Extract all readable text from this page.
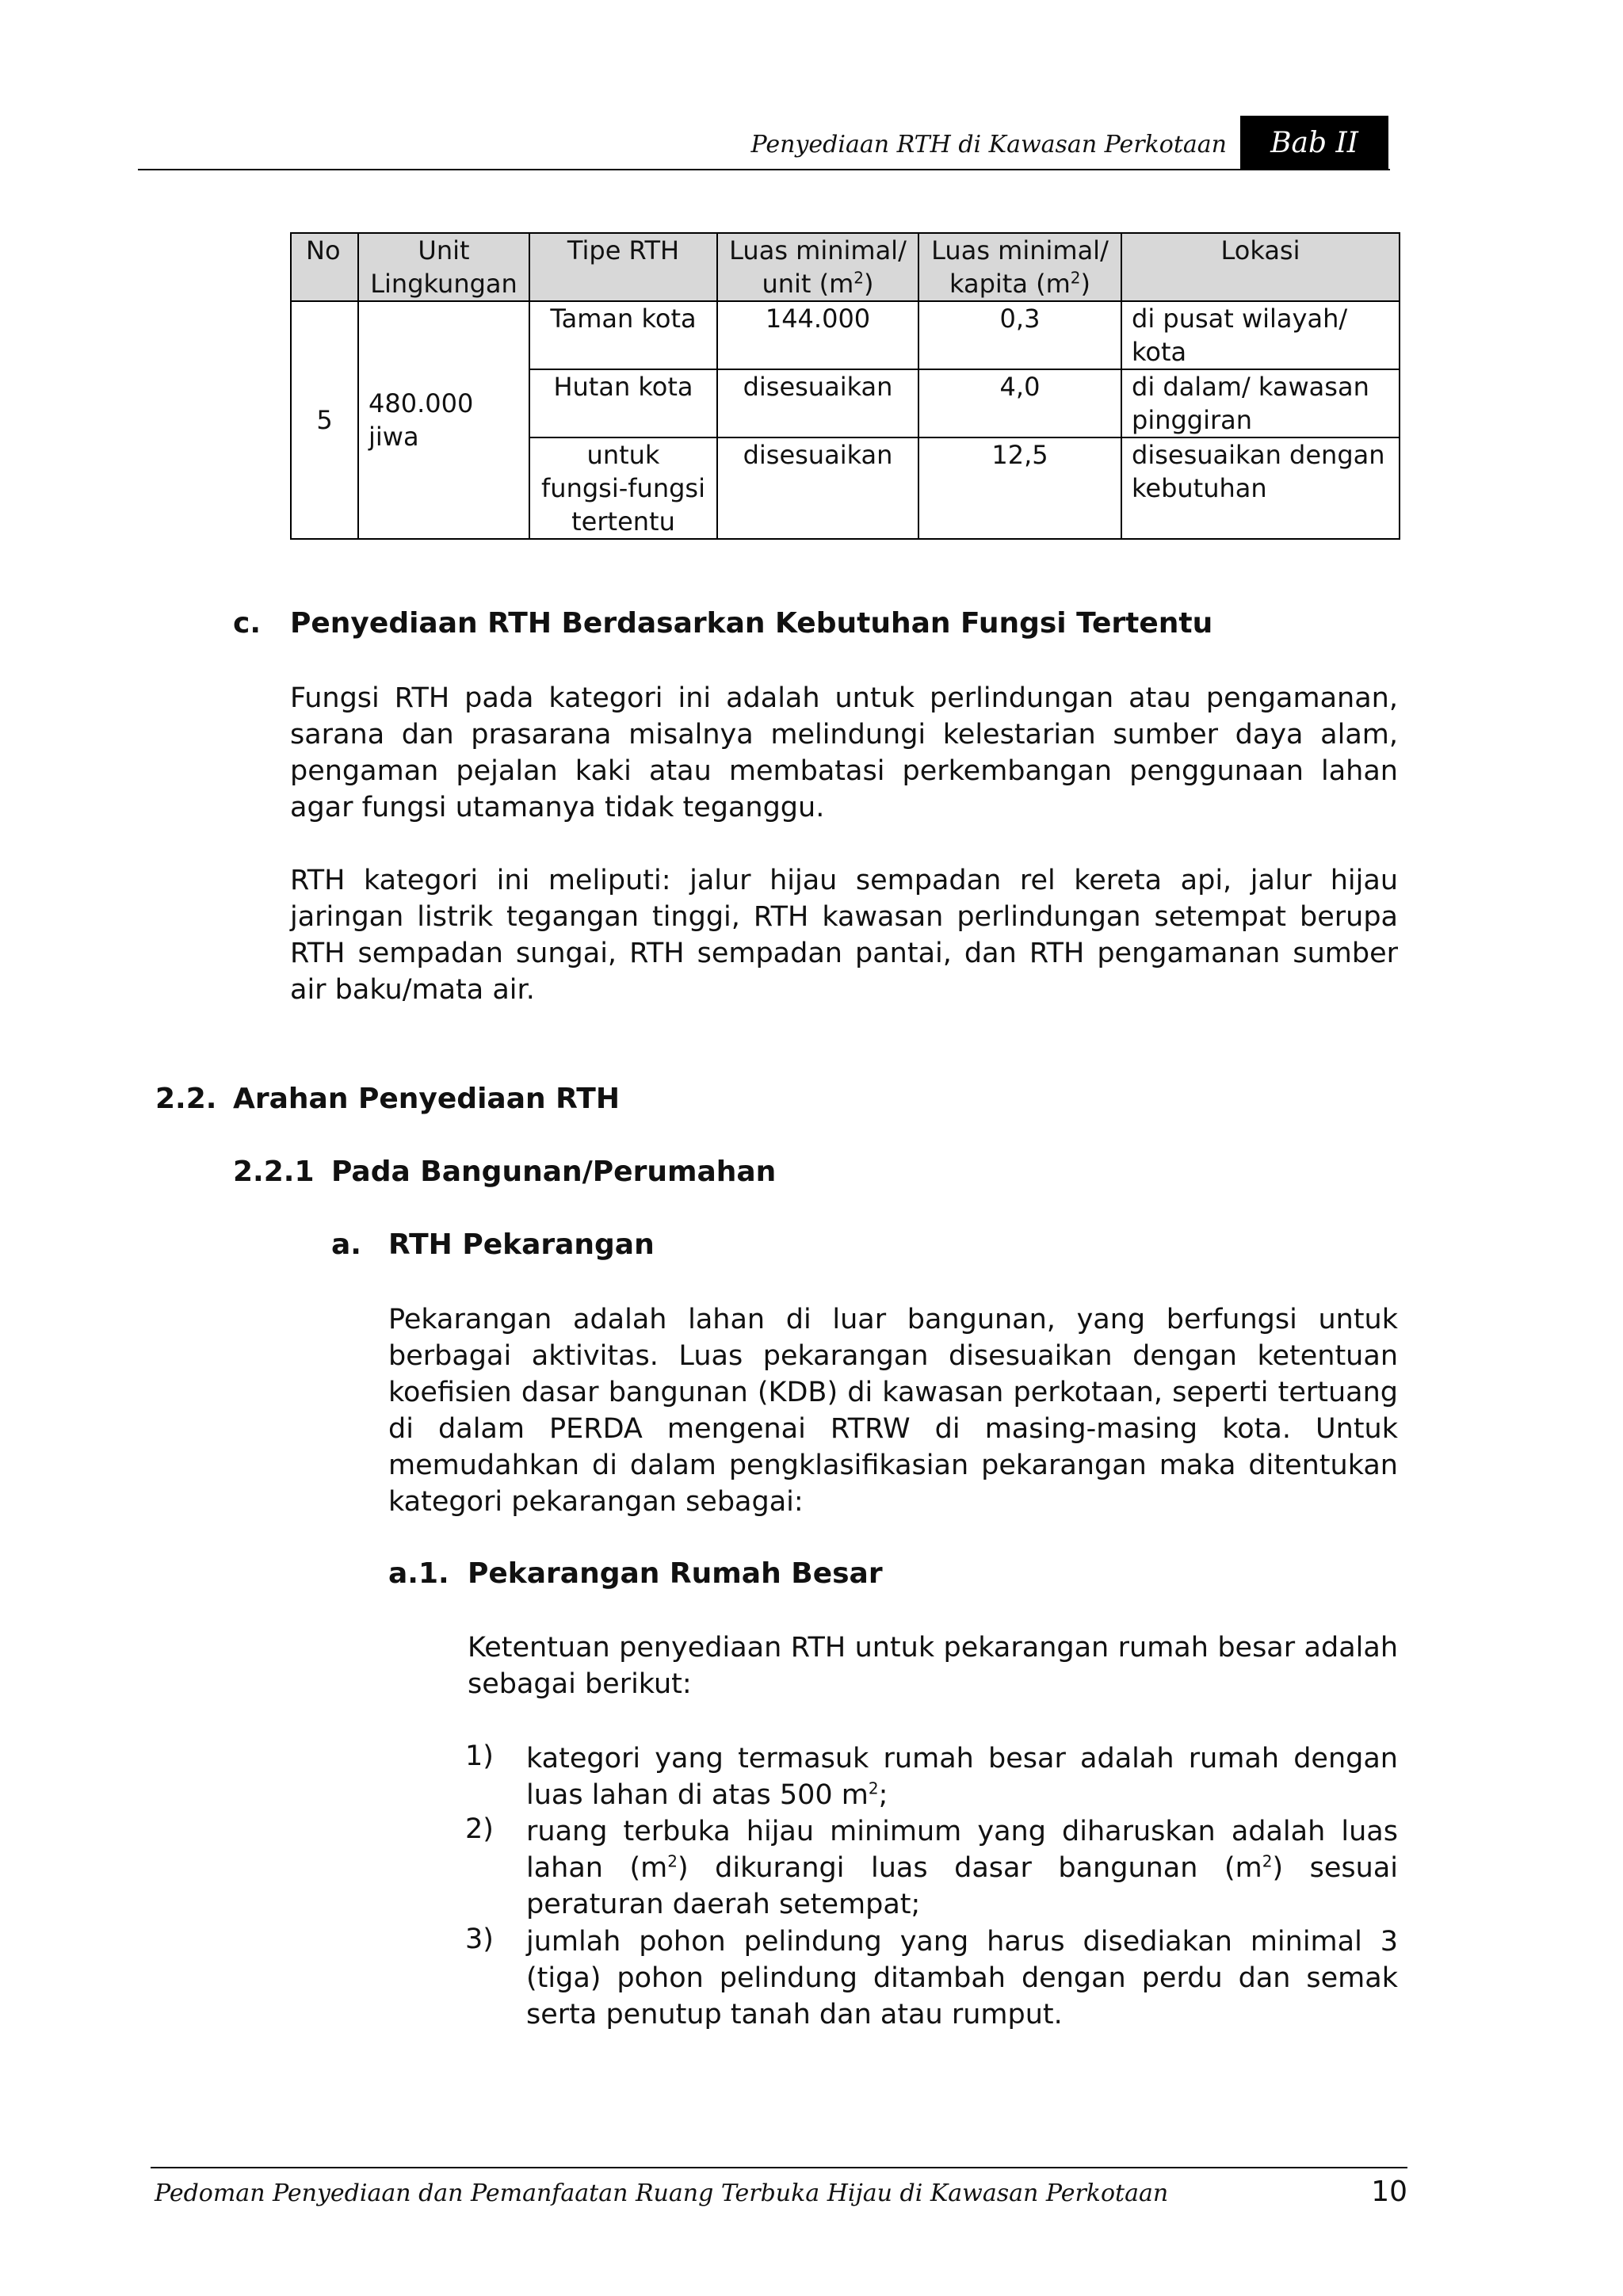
Penyediaan RTH di Kawasan Perkotaan	Bab II
No	Unit Lingkungan	Tipe RTH	Luas minimal/ unit $(m^2)$	Luas minimal/ kapita $(m^2)$	Lokasi
5	480.000 jiwa	Taman kota	144.000	0,3	di pusat wilayah/ kota
		Hutan kota	disesuaikan	4,0	di dalam/ kawasan pinggiran
		untuk fungsi-fungsi tertentu	disesuaikan	12,5	disesuaikan dengan kebutuhan
c. Penyediaan RTH Berdasarkan Kebutuhan Fungsi Tertentu

Fungsi RTH pada kategori ini adalah untuk perlindungan atau pengamanan, sarana dan prasarana misalnya melindungi kelestarian sumber daya alam, pengaman pejalan kaki atau membatasi perkembangan penggunaan lahan agar fungsi utamanya tidak teganggu.

RTH kategori ini meliputi: jalur hijau sempadan rel kereta api, jalur hijau jaringan listrik tegangan tinggi, RTH kawasan perlindungan setempat berupa RTH sempadan sungai, RTH sempadan pantai, dan RTH pengamanan sumber air baku/mata air.

2.2. Arahan Penyediaan RTH
2.2.1 Pada Bangunan/Perumahan
a. RTH Pekarangan

Pekarangan adalah lahan di luar bangunan, yang berfungsi untuk berbagai aktivitas. Luas pekarangan disesuaikan dengan ketentuan koefisien dasar bangunan (KDB) di kawasan perkotaan, seperti tertuang di dalam PERDA mengenai RTRW di masing-masing kota. Untuk memudahkan di dalam pengklasifikasian pekarangan maka ditentukan kategori pekarangan sebagai:

a.1. Pekarangan Rumah Besar

Ketentuan penyediaan RTH untuk pekarangan rumah besar adalah sebagai berikut:

1) kategori yang termasuk rumah besar adalah rumah dengan luas lahan di atas 500 $m^2$;

2) ruang terbuka hijau minimum yang diharuskan adalah luas lahan $(m^2)$ dikurangi luas dasar bangunan $(m^2)$ sesuai peraturan daerah setempat;

3) jumlah pohon pelindung yang harus disediakan minimal 3 (tiga) pohon pelindung ditambah dengan perdu dan semak serta penutup tanah dan atau rumput.

Pedoman Penyediaan dan Pemanfaatan Ruang Terbuka Hijau di Kawasan Perkotaan	10
